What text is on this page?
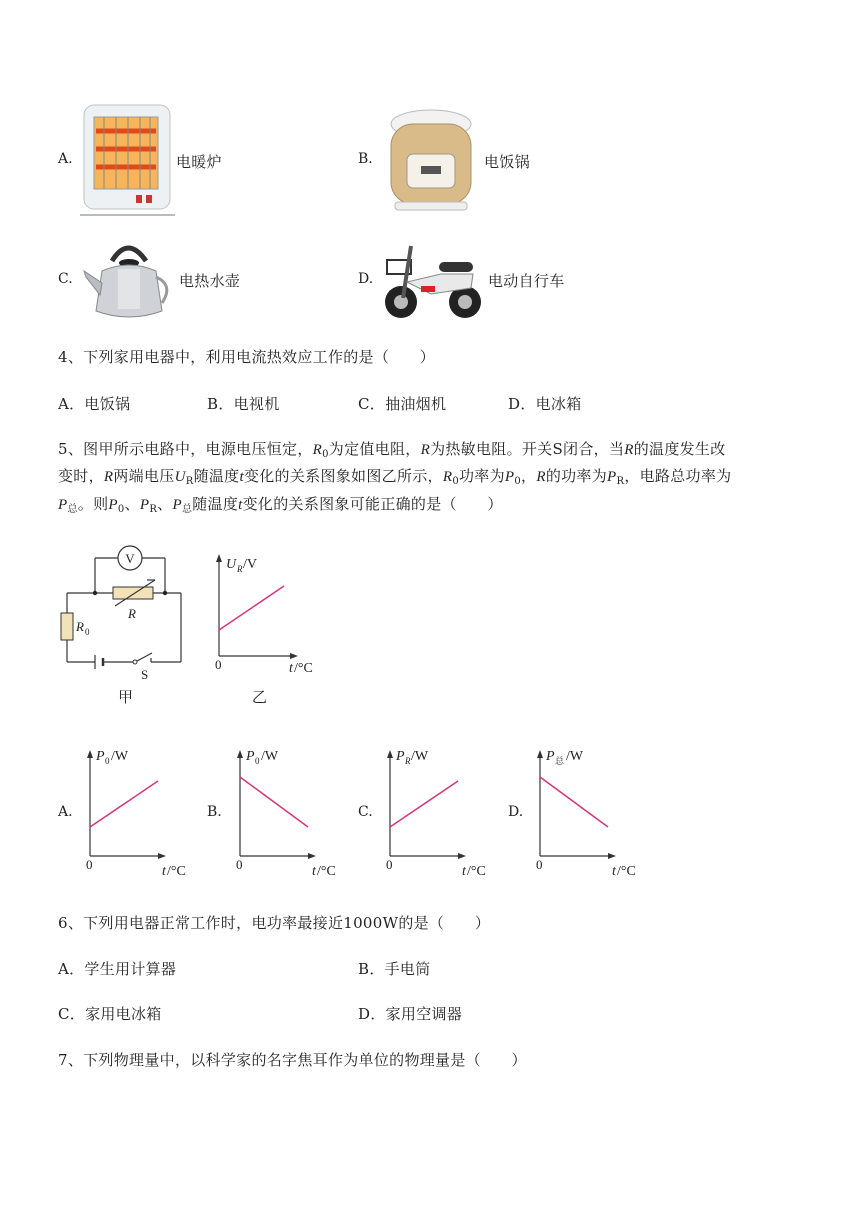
A.	电暖炉	B.	电饭锅
C.	电热水壶	D.	电动自行车
4、下列家用电器中，利用电流热效应工作的是（　　）
A．电饭锅	B．电视机	C．抽油烟机	D．电冰箱
5、图甲所示电路中，电源电压恒定，$R_0$为定值电阻，R为热敏电阻。开关S闭合，当R的温度发生改
变时，R两端电压$U_R$随温度t变化的关系图象如图乙所示，$R_0$功率为$P_0$，R的功率为$P_R$，电路总功率为
$P_总$。则$P_0$、$P_R$、$P_总$随温度t变化的关系图象可能正确的是（　　）
V
R
R 0
S
甲
U R /V
0	t /°C
乙
A.
P 0 /W
0	t /°C
B.
P 0 /W
0	t /°C
C.
P R /W
0	t /°C
D.
P 总 /W
0	t /°C
6、下列用电器正常工作时，电功率最接近1000W的是（　　）
A．学生用计算器	B．手电筒
C．家用电冰箱	D．家用空调器
7、下列物理量中，以科学家的名字焦耳作为单位的物理量是（　　）
